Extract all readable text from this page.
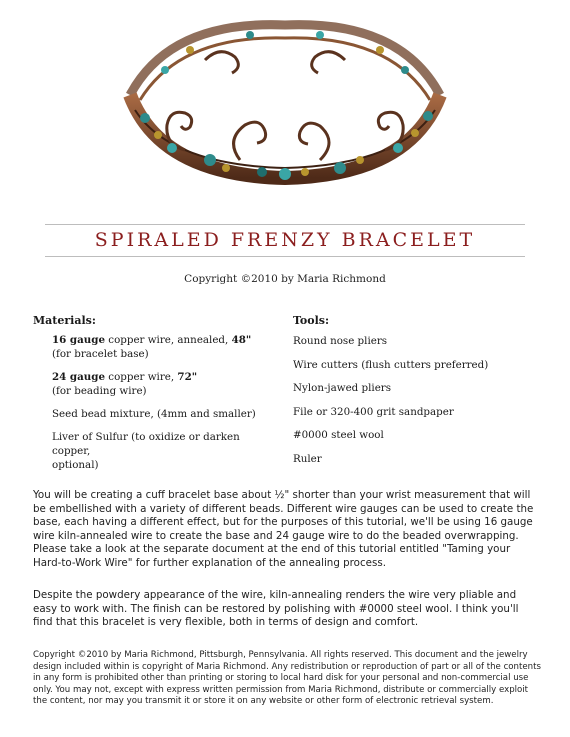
SPIRALED FRENZY BRACELET
Copyright ©2010 by Maria Richmond
Materials:	Tools:
16 gauge copper wire, annealed, 48"
(for bracelet base)
24 gauge copper wire, 72"
(for beading wire)
Seed bead mixture, (4mm and smaller)
Liver of Sulfur (to oxidize or darken copper,
optional)
Round nose pliers
Wire cutters (flush cutters preferred)
Nylon-jawed pliers
File or 320-400 grit sandpaper
#0000 steel wool
Ruler

You will be creating a cuff bracelet base about ½" shorter than your wrist measurement that will be embellished with a variety of different beads. Different wire gauges can be used to create the base, each having a different effect, but for the purposes of this tutorial, we'll be using 16 gauge wire kiln-annealed wire to create the base and 24 gauge wire to do the beaded overwrapping. Please take a look at the separate document at the end of this tutorial entitled "Taming your Hard-to-Work Wire" for further explanation of the annealing process.

Despite the powdery appearance of the wire, kiln-annealing renders the wire very pliable and easy to work with. The finish can be restored by polishing with #0000 steel wool. I think you'll find that this bracelet is very flexible, both in terms of design and comfort.

Copyright ©2010 by Maria Richmond, Pittsburgh, Pennsylvania. All rights reserved. This document and the jewelry design included within is copyright of Maria Richmond. Any redistribution or reproduction of part or all of the contents in any form is prohibited other than printing or storing to local hard disk for your personal and non-commercial use only. You may not, except with express written permission from Maria Richmond, distribute or commercially exploit the content, nor may you transmit it or store it on any website or other form of electronic retrieval system.
